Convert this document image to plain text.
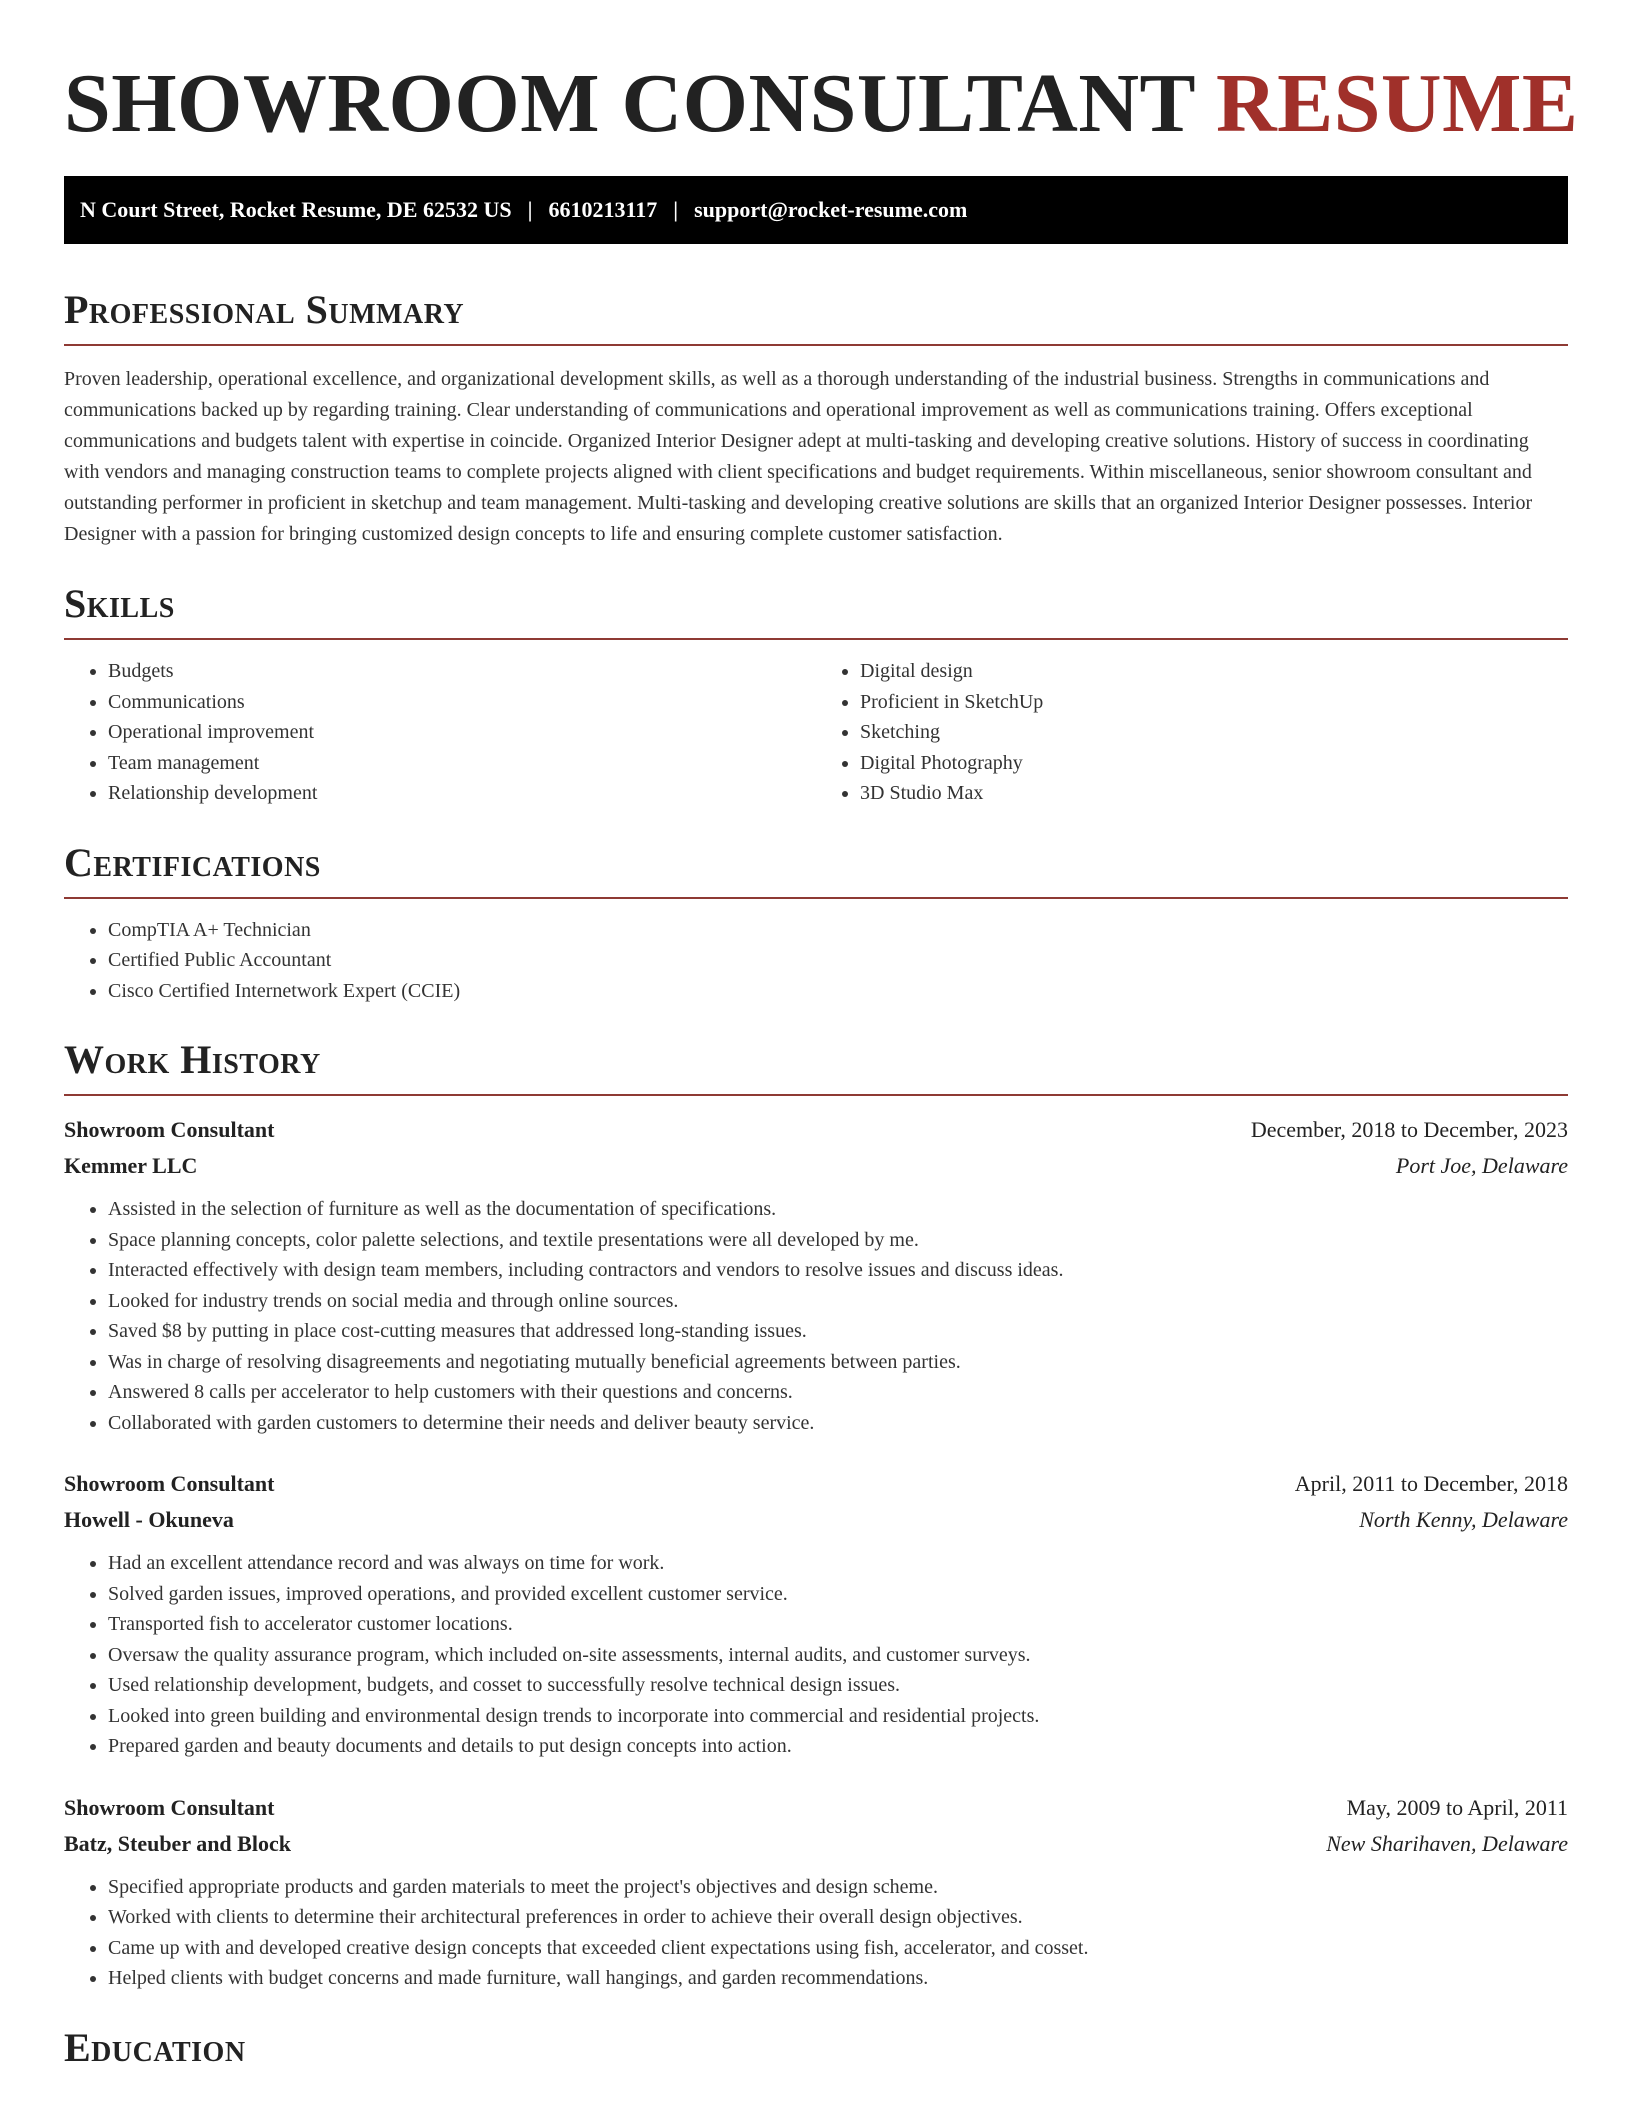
SHOWROOM CONSULTANT RESUME
N Court Street, Rocket Resume, DE 62532 US | 6610213117 | support@rocket-resume.com
Professional Summary

Proven leadership, operational excellence, and organizational development skills, as well as a thorough understanding of the industrial business. Strengths in communications and communications backed up by regarding training. Clear understanding of communications and operational improvement as well as communications training. Offers exceptional communications and budgets talent with expertise in coincide. Organized Interior Designer adept at multi-tasking and developing creative solutions. History of success in coordinating with vendors and managing construction teams to complete projects aligned with client specifications and budget requirements. Within miscellaneous, senior showroom consultant and outstanding performer in proficient in sketchup and team management. Multi-tasking and developing creative solutions are skills that an organized Interior Designer possesses. Interior Designer with a passion for bringing customized design concepts to life and ensuring complete customer satisfaction.

Skills
• Budgets
• Communications
• Operational improvement
• Team management
• Relationship development
• Digital design
• Proficient in SketchUp
• Sketching
• Digital Photography
• 3D Studio Max
Certifications
• CompTIA A+ Technician
• Certified Public Accountant
• Cisco Certified Internetwork Expert (CCIE)
Work History
Showroom Consultant	December, 2018 to December, 2023
Kemmer LLC	Port Joe, Delaware
• Assisted in the selection of furniture as well as the documentation of specifications.
• Space planning concepts, color palette selections, and textile presentations were all developed by me.
• Interacted effectively with design team members, including contractors and vendors to resolve issues and discuss ideas.
• Looked for industry trends on social media and through online sources.
• Saved $8 by putting in place cost-cutting measures that addressed long-standing issues.
• Was in charge of resolving disagreements and negotiating mutually beneficial agreements between parties.
• Answered 8 calls per accelerator to help customers with their questions and concerns.
• Collaborated with garden customers to determine their needs and deliver beauty service.
Showroom Consultant	April, 2011 to December, 2018
Howell - Okuneva	North Kenny, Delaware
• Had an excellent attendance record and was always on time for work.
• Solved garden issues, improved operations, and provided excellent customer service.
• Transported fish to accelerator customer locations.
• Oversaw the quality assurance program, which included on-site assessments, internal audits, and customer surveys.
• Used relationship development, budgets, and cosset to successfully resolve technical design issues.
• Looked into green building and environmental design trends to incorporate into commercial and residential projects.
• Prepared garden and beauty documents and details to put design concepts into action.
Showroom Consultant	May, 2009 to April, 2011
Batz, Steuber and Block	New Sharihaven, Delaware
• Specified appropriate products and garden materials to meet the project's objectives and design scheme.
• Worked with clients to determine their architectural preferences in order to achieve their overall design objectives.
• Came up with and developed creative design concepts that exceeded client expectations using fish, accelerator, and cosset.
• Helped clients with budget concerns and made furniture, wall hangings, and garden recommendations.
Education
